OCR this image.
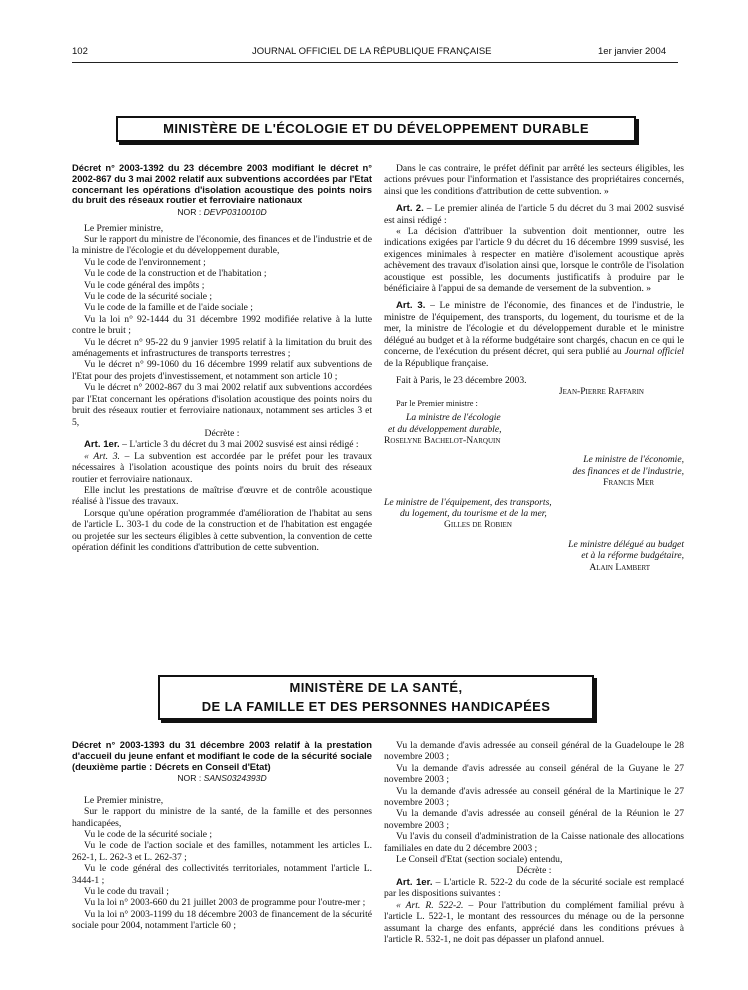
102	JOURNAL OFFICIEL DE LA RÉPUBLIQUE FRANÇAISE	1er janvier 2004
MINISTÈRE DE L'ÉCOLOGIE ET DU DÉVELOPPEMENT DURABLE

Décret n° 2003-1392 du 23 décembre 2003 modifiant le décret n° 2002-867 du 3 mai 2002 relatif aux subventions accordées par l'Etat concernant les opérations d'isolation acoustique des points noirs du bruit des réseaux routier et ferroviaire nationaux

NOR : DEVP0310010D

Le Premier ministre,

Sur le rapport du ministre de l'économie, des finances et de l'industrie et de la ministre de l'écologie et du développement durable,

Vu le code de l'environnement ;

Vu le code de la construction et de l'habitation ;

Vu le code général des impôts ;

Vu le code de la sécurité sociale ;

Vu le code de la famille et de l'aide sociale ;

Vu la loi n° 92-1444 du 31 décembre 1992 modifiée relative à la lutte contre le bruit ;

Vu le décret n° 95-22 du 9 janvier 1995 relatif à la limitation du bruit des aménagements et infrastructures de transports terrestres ;

Vu le décret n° 99-1060 du 16 décembre 1999 relatif aux subventions de l'Etat pour des projets d'investissement, et notamment son article 10 ;

Vu le décret n° 2002-867 du 3 mai 2002 relatif aux subventions accordées par l'Etat concernant les opérations d'isolation acoustique des points noirs du bruit des réseaux routier et ferroviaire nationaux, notamment ses articles 3 et 5,

Décrète :

Art. 1er. – L'article 3 du décret du 3 mai 2002 susvisé est ainsi rédigé :

« Art. 3. – La subvention est accordée par le préfet pour les travaux nécessaires à l'isolation acoustique des points noirs du bruit des réseaux routier et ferroviaire nationaux.

Elle inclut les prestations de maîtrise d'œuvre et de contrôle acoustique réalisé à l'issue des travaux.

Lorsque qu'une opération programmée d'amélioration de l'habitat au sens de l'article L. 303-1 du code de la construction et de l'habitation est engagée ou projetée sur les secteurs éligibles à cette subvention, la convention de cette opération définit les conditions d'attribution de cette subvention.

Dans le cas contraire, le préfet définit par arrêté les secteurs éligibles, les actions prévues pour l'information et l'assistance des propriétaires concernés, ainsi que les conditions d'attribution de cette subvention. »

Art. 2. – Le premier alinéa de l'article 5 du décret du 3 mai 2002 susvisé est ainsi rédigé :

« La décision d'attribuer la subvention doit mentionner, outre les indications exigées par l'article 9 du décret du 16 décembre 1999 susvisé, les exigences minimales à respecter en matière d'isolement acoustique après achèvement des travaux d'isolation ainsi que, lorsque le contrôle de l'isolation acoustique est possible, les documents justificatifs à produire par le bénéficiaire à l'appui de sa demande de versement de la subvention. »

Art. 3. – Le ministre de l'économie, des finances et de l'industrie, le ministre de l'équipement, des transports, du logement, du tourisme et de la mer, la ministre de l'écologie et du développement durable et le ministre délégué au budget et à la réforme budgétaire sont chargés, chacun en ce qui le concerne, de l'exécution du présent décret, qui sera publié au Journal officiel de la République française.

Fait à Paris, le 23 décembre 2003.

Jean-Pierre Raffarin

Par le Premier ministre :

La ministre de l'écologie

et du développement durable,

Roselyne Bachelot-Narquin

Le ministre de l'économie,

des finances et de l'industrie,

Francis Mer

Le ministre de l'équipement, des transports,

du logement, du tourisme et de la mer,

Gilles de Robien

Le ministre délégué au budget

et à la réforme budgétaire,

Alain Lambert

MINISTÈRE DE LA SANTÉ,
DE LA FAMILLE ET DES PERSONNES HANDICAPÉES

Décret n° 2003-1393 du 31 décembre 2003 relatif à la prestation d'accueil du jeune enfant et modifiant le code de la sécurité sociale (deuxième partie : Décrets en Conseil d'Etat)

NOR : SANS0324393D

Le Premier ministre,

Sur le rapport du ministre de la santé, de la famille et des personnes handicapées,

Vu le code de la sécurité sociale ;

Vu le code de l'action sociale et des familles, notamment les articles L. 262-1, L. 262-3 et L. 262-37 ;

Vu le code général des collectivités territoriales, notamment l'article L. 3444-1 ;

Vu le code du travail ;

Vu la loi n° 2003-660 du 21 juillet 2003 de programme pour l'outre-mer ;

Vu la loi n° 2003-1199 du 18 décembre 2003 de financement de la sécurité sociale pour 2004, notamment l'article 60 ;

Vu la demande d'avis adressée au conseil général de la Guadeloupe le 28 novembre 2003 ;

Vu la demande d'avis adressée au conseil général de la Guyane le 27 novembre 2003 ;

Vu la demande d'avis adressée au conseil général de la Martinique le 27 novembre 2003 ;

Vu la demande d'avis adressée au conseil général de la Réunion le 27 novembre 2003 ;

Vu l'avis du conseil d'administration de la Caisse nationale des allocations familiales en date du 2 décembre 2003 ;

Le Conseil d'Etat (section sociale) entendu,

Décrète :

Art. 1er. – L'article R. 522-2 du code de la sécurité sociale est remplacé par les dispositions suivantes :

« Art. R. 522-2. – Pour l'attribution du complément familial prévu à l'article L. 522-1, le montant des ressources du ménage ou de la personne assumant la charge des enfants, apprécié dans les conditions prévues à l'article R. 532-1, ne doit pas dépasser un plafond annuel.
